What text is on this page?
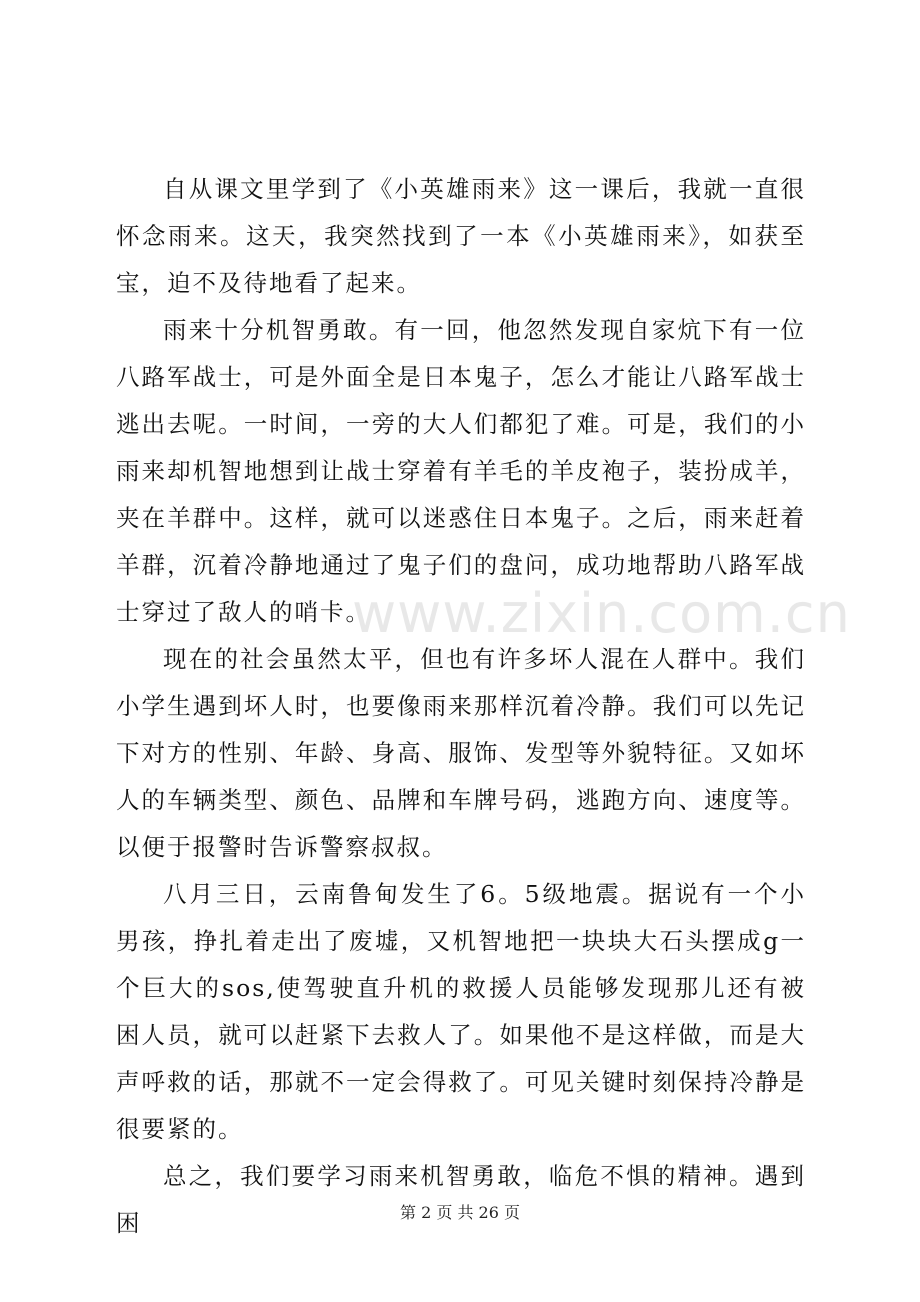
自从课文里学到了《小英雄雨来》这一课后，我就一直很怀念雨来。这天，我突然找到了一本《小英雄雨来》，如获至宝，迫不及待地看了起来。

雨来十分机智勇敢。有一回，他忽然发现自家炕下有一位八路军战士，可是外面全是日本鬼子，怎么才能让八路军战士逃出去呢。一时间，一旁的大人们都犯了难。可是，我们的小雨来却机智地想到让战士穿着有羊毛的羊皮袍子，装扮成羊，夹在羊群中。这样，就可以迷惑住日本鬼子。之后，雨来赶着羊群，沉着冷静地通过了鬼子们的盘问，成功地帮助八路军战士穿过了敌人的哨卡。

现在的社会虽然太平，但也有许多坏人混在人群中。我们小学生遇到坏人时，也要像雨来那样沉着冷静。我们可以先记下对方的性别、年龄、身高、服饰、发型等外貌特征。又如坏人的车辆类型、颜色、品牌和车牌号码，逃跑方向、速度等。以便于报警时告诉警察叔叔。

八月三日，云南鲁甸发生了6。5级地震。据说有一个小男孩，挣扎着走出了废墟，又机智地把一块块大石头摆成g一个巨大的sos,使驾驶直升机的救援人员能够发现那儿还有被困人员，就可以赶紧下去救人了。如果他不是这样做，而是大声呼救的话，那就不一定会得救了。可见关键时刻保持冷静是很要紧的。

总之，我们要学习雨来机智勇敢，临危不惧的精神。遇到困

www.zixin.com.cn
第 2 页 共 26 页
